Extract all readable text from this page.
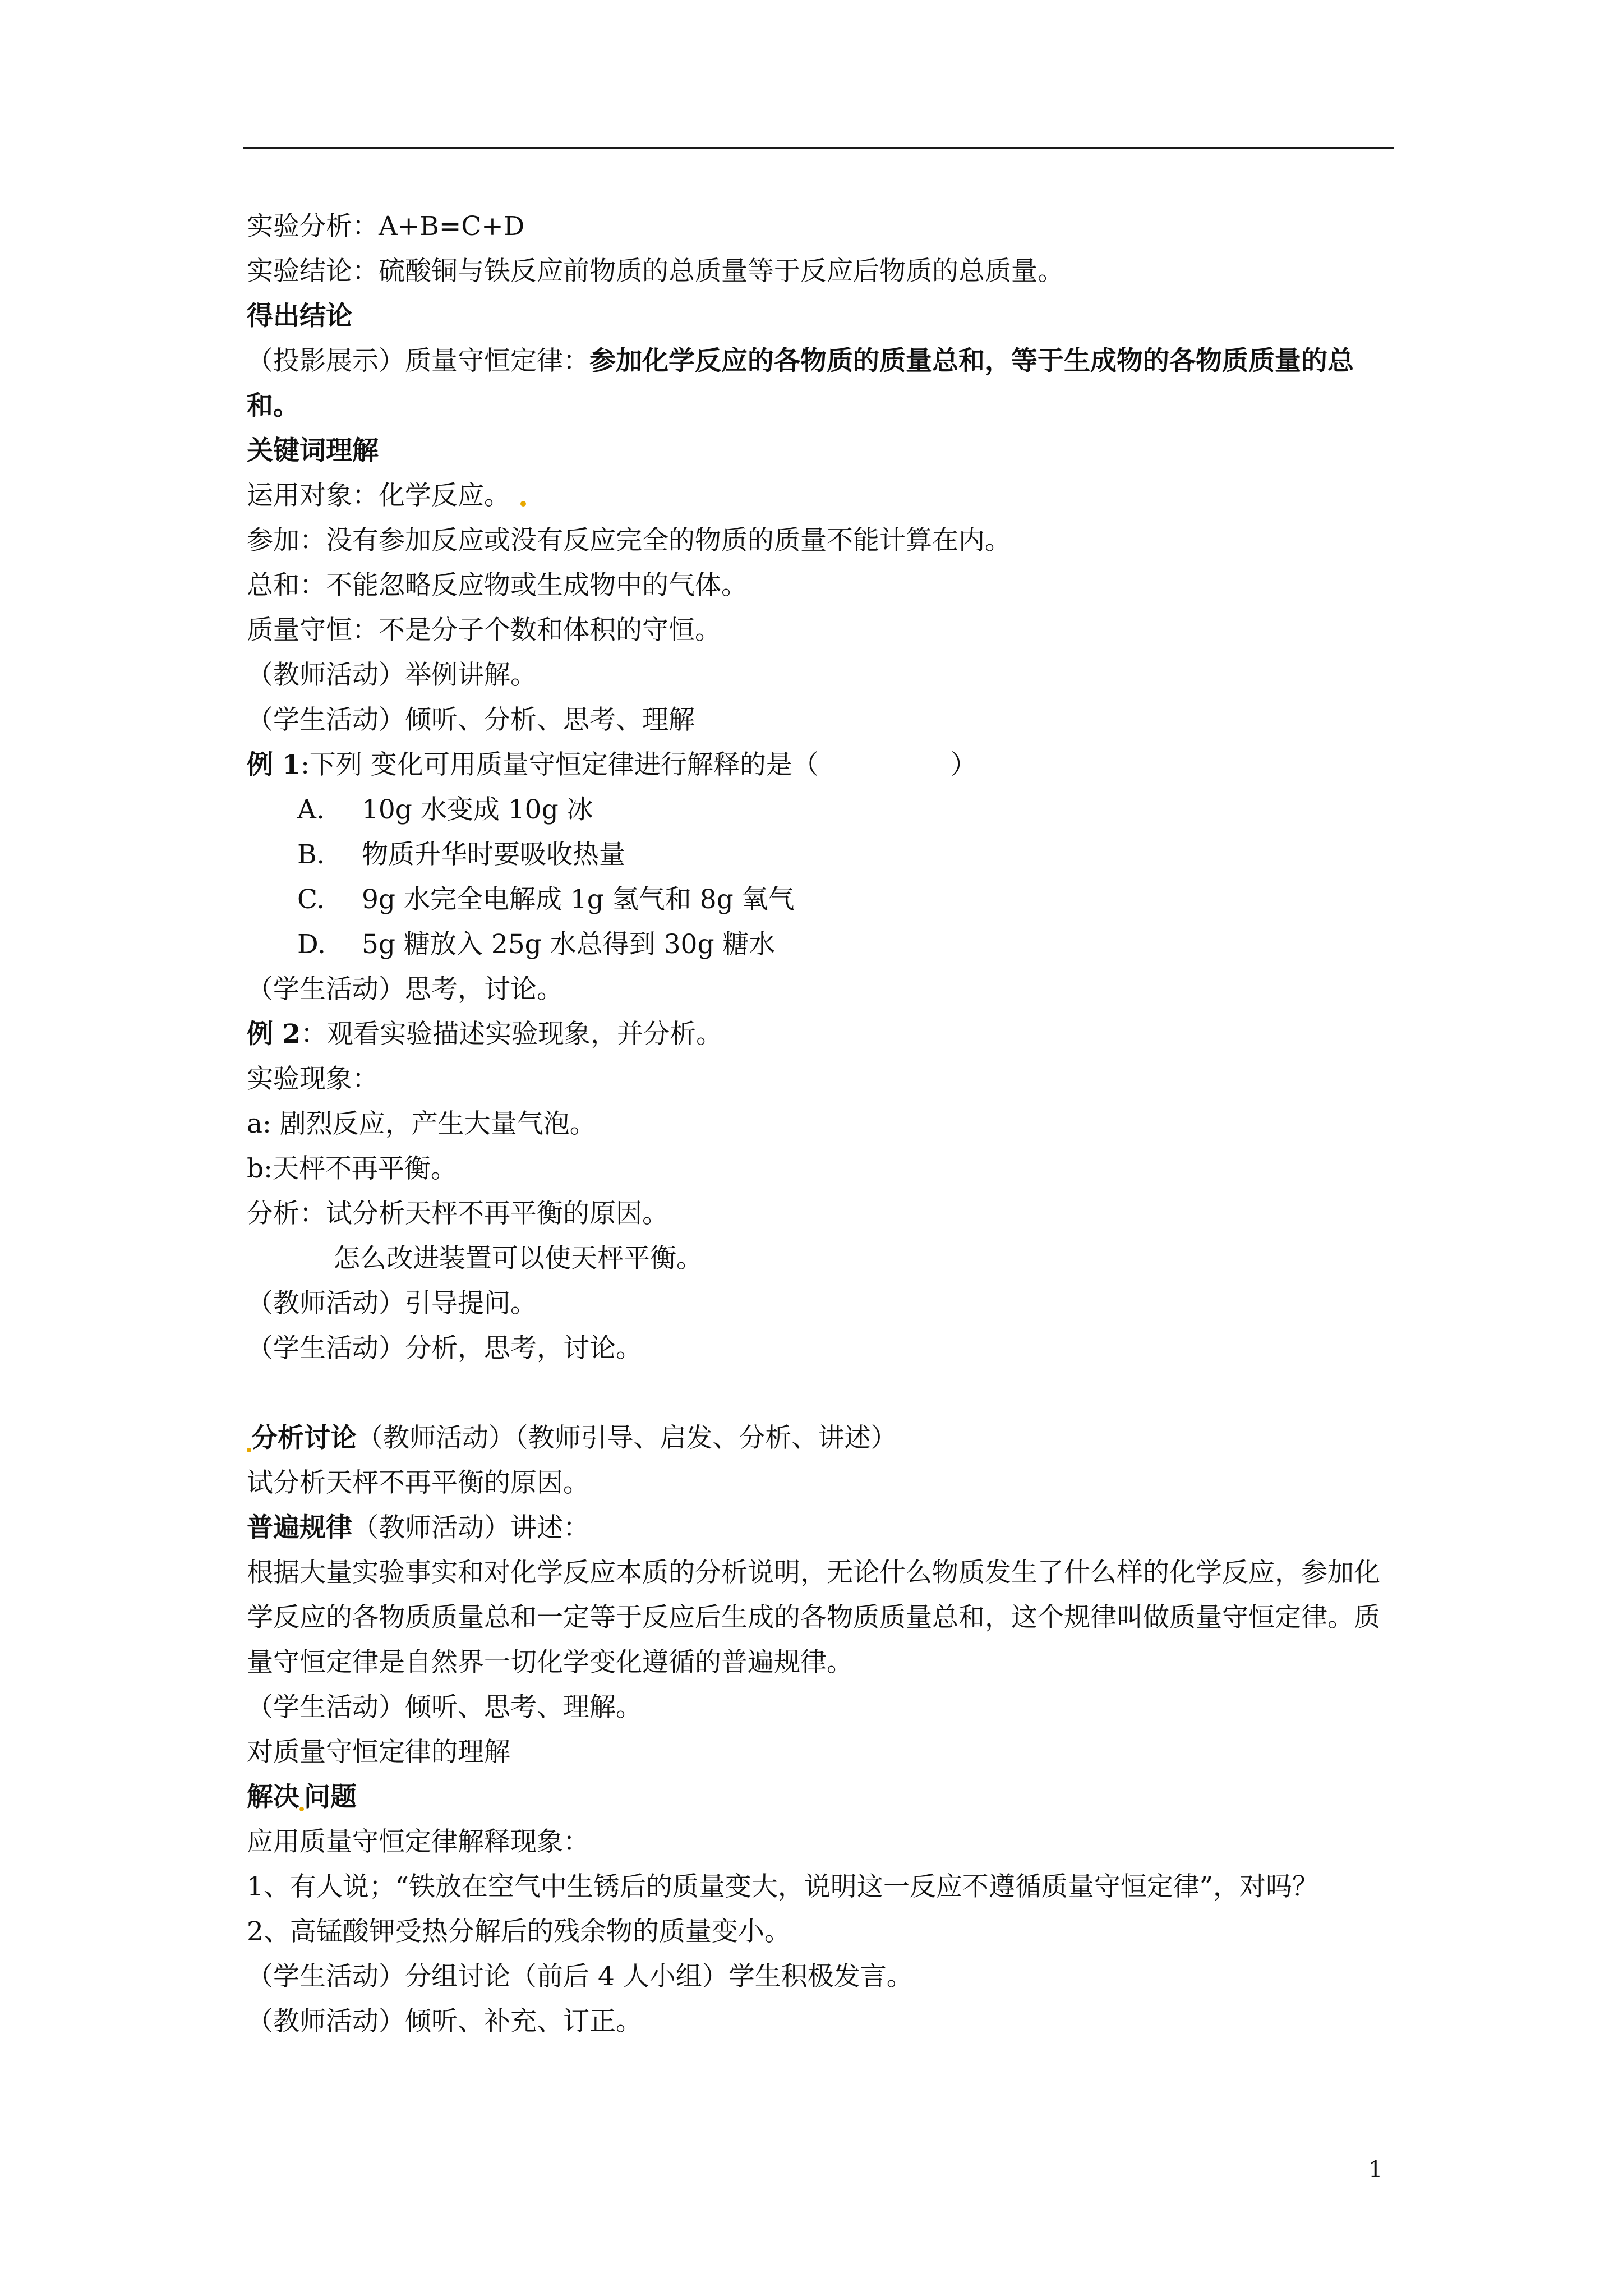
实验分析：A+B=C+D
实验结论：硫酸铜与铁反应前物质的总质量等于反应后物质的总质量。
得出结论
（投影展示）质量守恒定律：参加化学反应的各物质的质量总和，等于生成物的各物质质量的总和。
关键词理解
运用对象：化学反应。
参加：没有参加反应或没有反应完全的物质的质量不能计算在内。
总和：不能忽略反应物或生成物中的气体。
质量守恒：不是分子个数和体积的守恒。
（教师活动）举例讲解。
（学生活动）倾听、分析、思考、理解
例 1:下列 变化可用质量守恒定律进行解释的是（　　　　　）
A. 10g 水变成 10g 冰
B. 物质升华时要吸收热量
C. 9g 水完全电解成 1g 氢气和 8g 氧气
D. 5g 糖放入 25g 水总得到 30g 糖水
（学生活动）思考，讨论。
例 2：观看实验描述实验现象，并分析。
实验现象：
a: 剧烈反应，产生大量气泡。
b:天枰不再平衡。
分析：试分析天枰不再平衡的原因。
怎么改进装置可以使天枰平衡。
（教师活动）引导提问。
（学生活动）分析，思考，讨论。
分析讨论（教师活动）（教师引导、启发、分析、讲述）
试分析天枰不再平衡的原因。
普遍规律（教师活动）讲述：
根据大量实验事实和对化学反应本质的分析说明，无论什么物质发生了什么样的化学反应，参加化学反应的各物质质量总和一定等于反应后生成的各物质质量总和，这个规律叫做质量守恒定律。质量守恒定律是自然界一切化学变化遵循的普遍规律。
（学生活动）倾听、思考、理解。
对质量守恒定律的理解
解决 问题
应用质量守恒定律解释现象：
1、有人说；“铁放在空气中生锈后的质量变大，说明这一反应不遵循质量守恒定律”，对吗？
2、高锰酸钾受热分解后的残余物的质量变小。
（学生活动）分组讨论（前后 4 人小组）学生积极发言。
（教师活动）倾听、补充、订正。
1
